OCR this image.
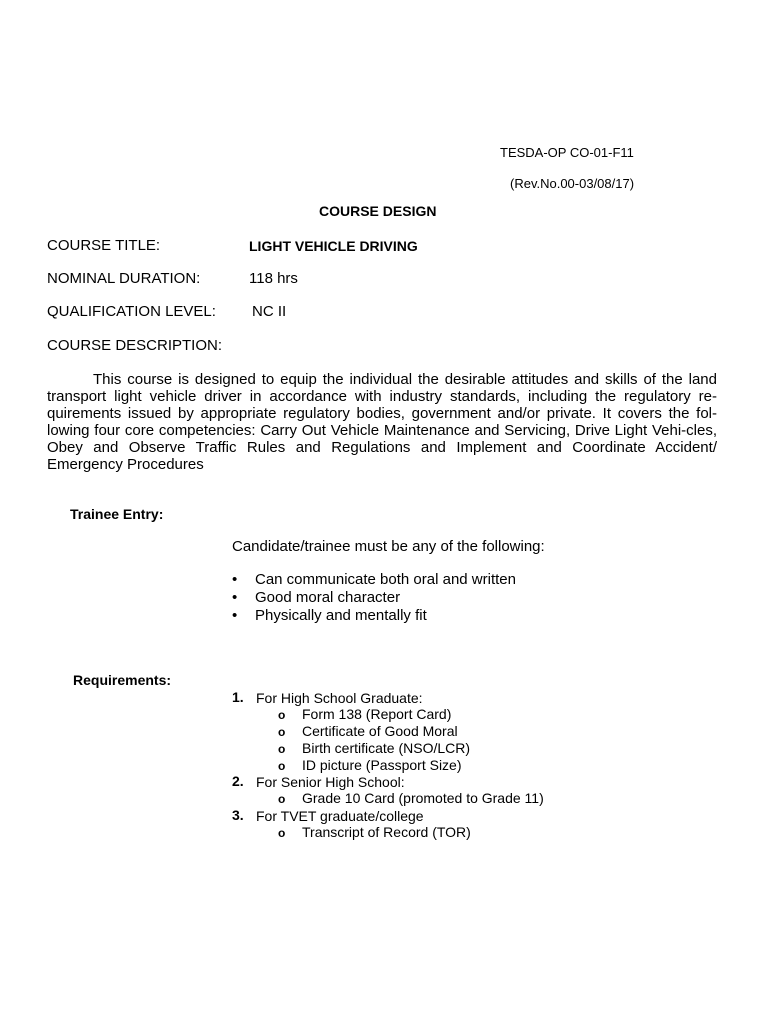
TESDA-OP CO-01-F11
(Rev.No.00-03/08/17)
COURSE DESIGN
COURSE TITLE:	LIGHT VEHICLE DRIVING
NOMINAL DURATION:	118 hrs
QUALIFICATION LEVEL: NC II
COURSE DESCRIPTION:
This course is designed to equip the individual the desirable attitudes and skills of the land transport light vehicle driver in accordance with industry standards, including the regulatory re-quirements issued by appropriate regulatory bodies, government and/or private. It covers the fol-lowing four core competencies: Carry Out Vehicle Maintenance and Servicing, Drive Light Vehi-cles, Obey and Observe Traffic Rules and Regulations and Implement and Coordinate Accident/ Emergency Procedures
Trainee Entry:
Candidate/trainee must be any of the following:
• Can communicate both oral and written
• Good moral character
• Physically and mentally fit
Requirements:
1. For High School Graduate:
o Form 138 (Report Card)
o Certificate of Good Moral
o Birth certificate (NSO/LCR)
o ID picture (Passport Size)
2. For Senior High School:
o Grade 10 Card (promoted to Grade 11)
3. For TVET graduate/college
o Transcript of Record (TOR)
